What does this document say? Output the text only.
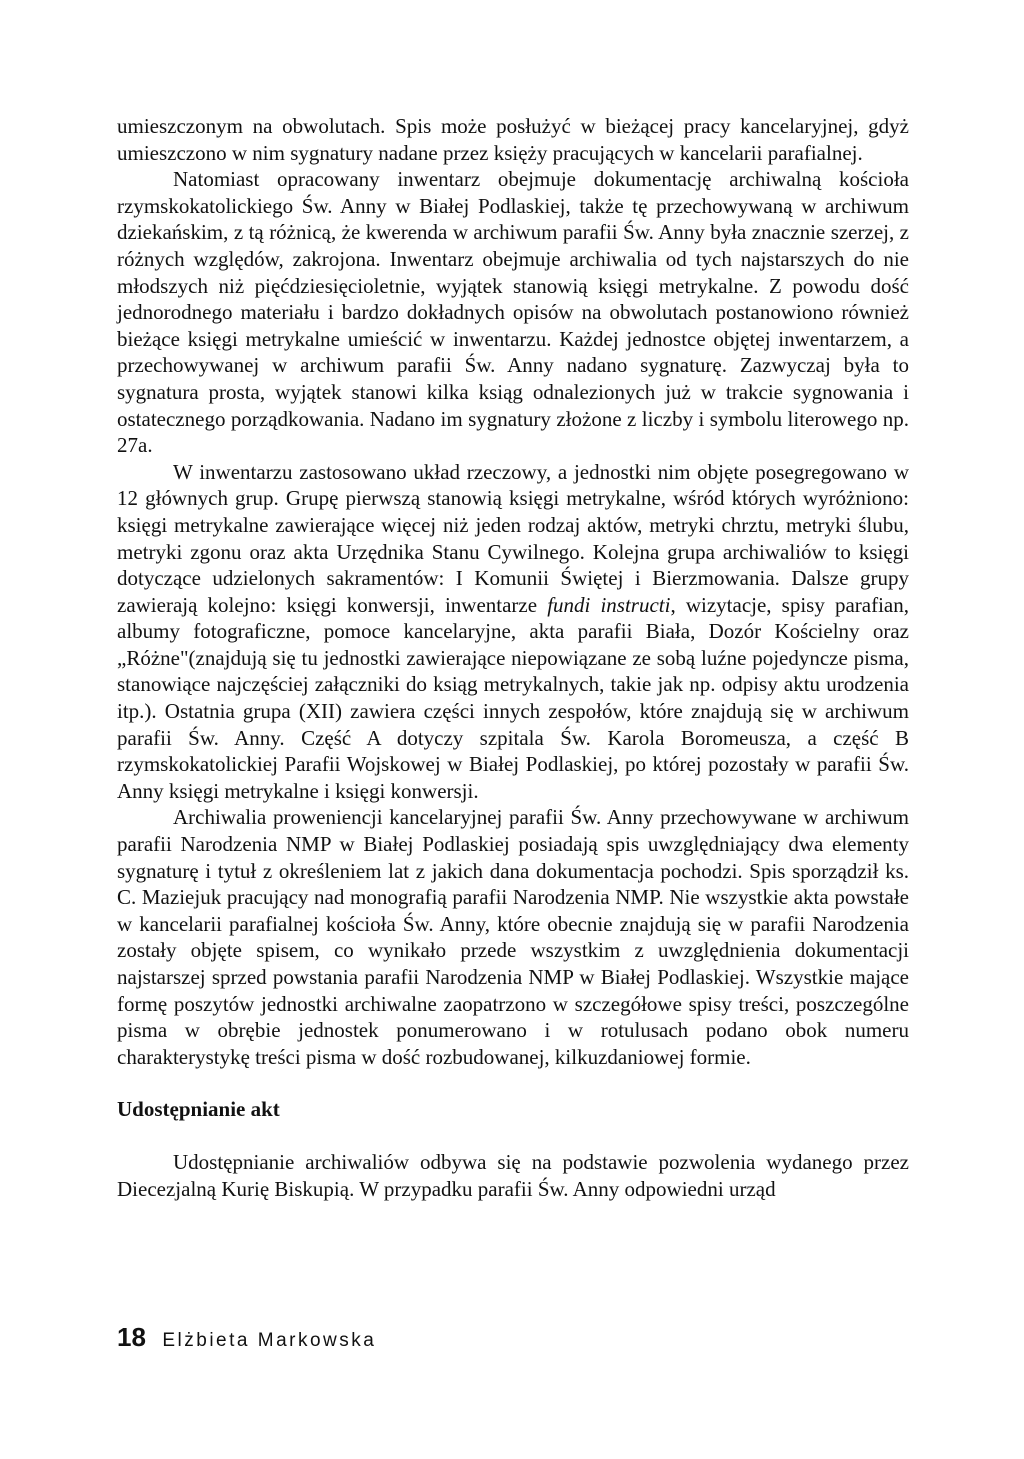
umieszczonym na obwolutach. Spis może posłużyć w bieżącej pracy kancelaryjnej, gdyż umieszczono w nim sygnatury nadane przez księży pracujących w kancelarii parafialnej.

Natomiast opracowany inwentarz obejmuje dokumentację archiwalną kościoła rzymskokatolickiego Św. Anny w Białej Podlaskiej, także tę przechowywaną w archiwum dziekańskim, z tą różnicą, że kwerenda w archiwum parafii Św. Anny była znacznie szerzej, z różnych względów, zakrojona. Inwentarz obejmuje archiwalia od tych najstarszych do nie młodszych niż pięćdziesięcioletnie, wyjątek stanowią księgi metrykalne. Z powodu dość jednorodnego materiału i bardzo dokładnych opisów na obwolutach postanowiono również bieżące księgi metrykalne umieścić w inwentarzu. Każdej jednostce objętej inwentarzem, a przechowywanej w archiwum parafii Św. Anny nadano sygnaturę. Zazwyczaj była to sygnatura prosta, wyjątek stanowi kilka ksiąg odnalezionych już w trakcie sygnowania i ostatecznego porządkowania. Nadano im sygnatury złożone z liczby i symbolu literowego np. 27a.

W inwentarzu zastosowano układ rzeczowy, a jednostki nim objęte posegregowano w 12 głównych grup. Grupę pierwszą stanowią księgi metrykalne, wśród których wyróżniono: księgi metrykalne zawierające więcej niż jeden rodzaj aktów, metryki chrztu, metryki ślubu, metryki zgonu oraz akta Urzędnika Stanu Cywilnego. Kolejna grupa archiwaliów to księgi dotyczące udzielonych sakramentów: I Komunii Świętej i Bierzmowania. Dalsze grupy zawierają kolejno: księgi konwersji, inwentarze fundi instructi, wizytacje, spisy parafian, albumy fotograficzne, pomoce kancelaryjne, akta parafii Biała, Dozór Kościelny oraz „Różne"(znajdują się tu jednostki zawierające niepowiązane ze sobą luźne pojedyncze pisma, stanowiące najczęściej załączniki do ksiąg metrykalnych, takie jak np. odpisy aktu urodzenia itp.). Ostatnia grupa (XII) zawiera części innych zespołów, które znajdują się w archiwum parafii Św. Anny. Część A dotyczy szpitala Św. Karola Boromeusza, a część B rzymskokatolickiej Parafii Wojskowej w Białej Podlaskiej, po której pozostały w parafii Św. Anny księgi metrykalne i księgi konwersji.

Archiwalia proweniencji kancelaryjnej parafii Św. Anny przechowywane w archiwum parafii Narodzenia NMP w Białej Podlaskiej posiadają spis uwzględniający dwa elementy sygnaturę i tytuł z określeniem lat z jakich dana dokumentacja pochodzi. Spis sporządził ks. C. Maziejuk pracujący nad monografią parafii Narodzenia NMP. Nie wszystkie akta powstałe w kancelarii parafialnej kościoła Św. Anny, które obecnie znajdują się w parafii Narodzenia zostały objęte spisem, co wynikało przede wszystkim z uwzględnienia dokumentacji najstarszej sprzed powstania parafii Narodzenia NMP w Białej Podlaskiej. Wszystkie mające formę poszytów jednostki archiwalne zaopatrzono w szczegółowe spisy treści, poszczególne pisma w obrębie jednostek ponumerowano i w rotulusach podano obok numeru charakterystykę treści pisma w dość rozbudowanej, kilkuzdaniowej formie.

Udostępnianie akt

Udostępnianie archiwaliów odbywa się na podstawie pozwolenia wydanego przez Diecezjalną Kurię Biskupią. W przypadku parafii Św. Anny odpowiedni urząd

18 Elżbieta Markowska
